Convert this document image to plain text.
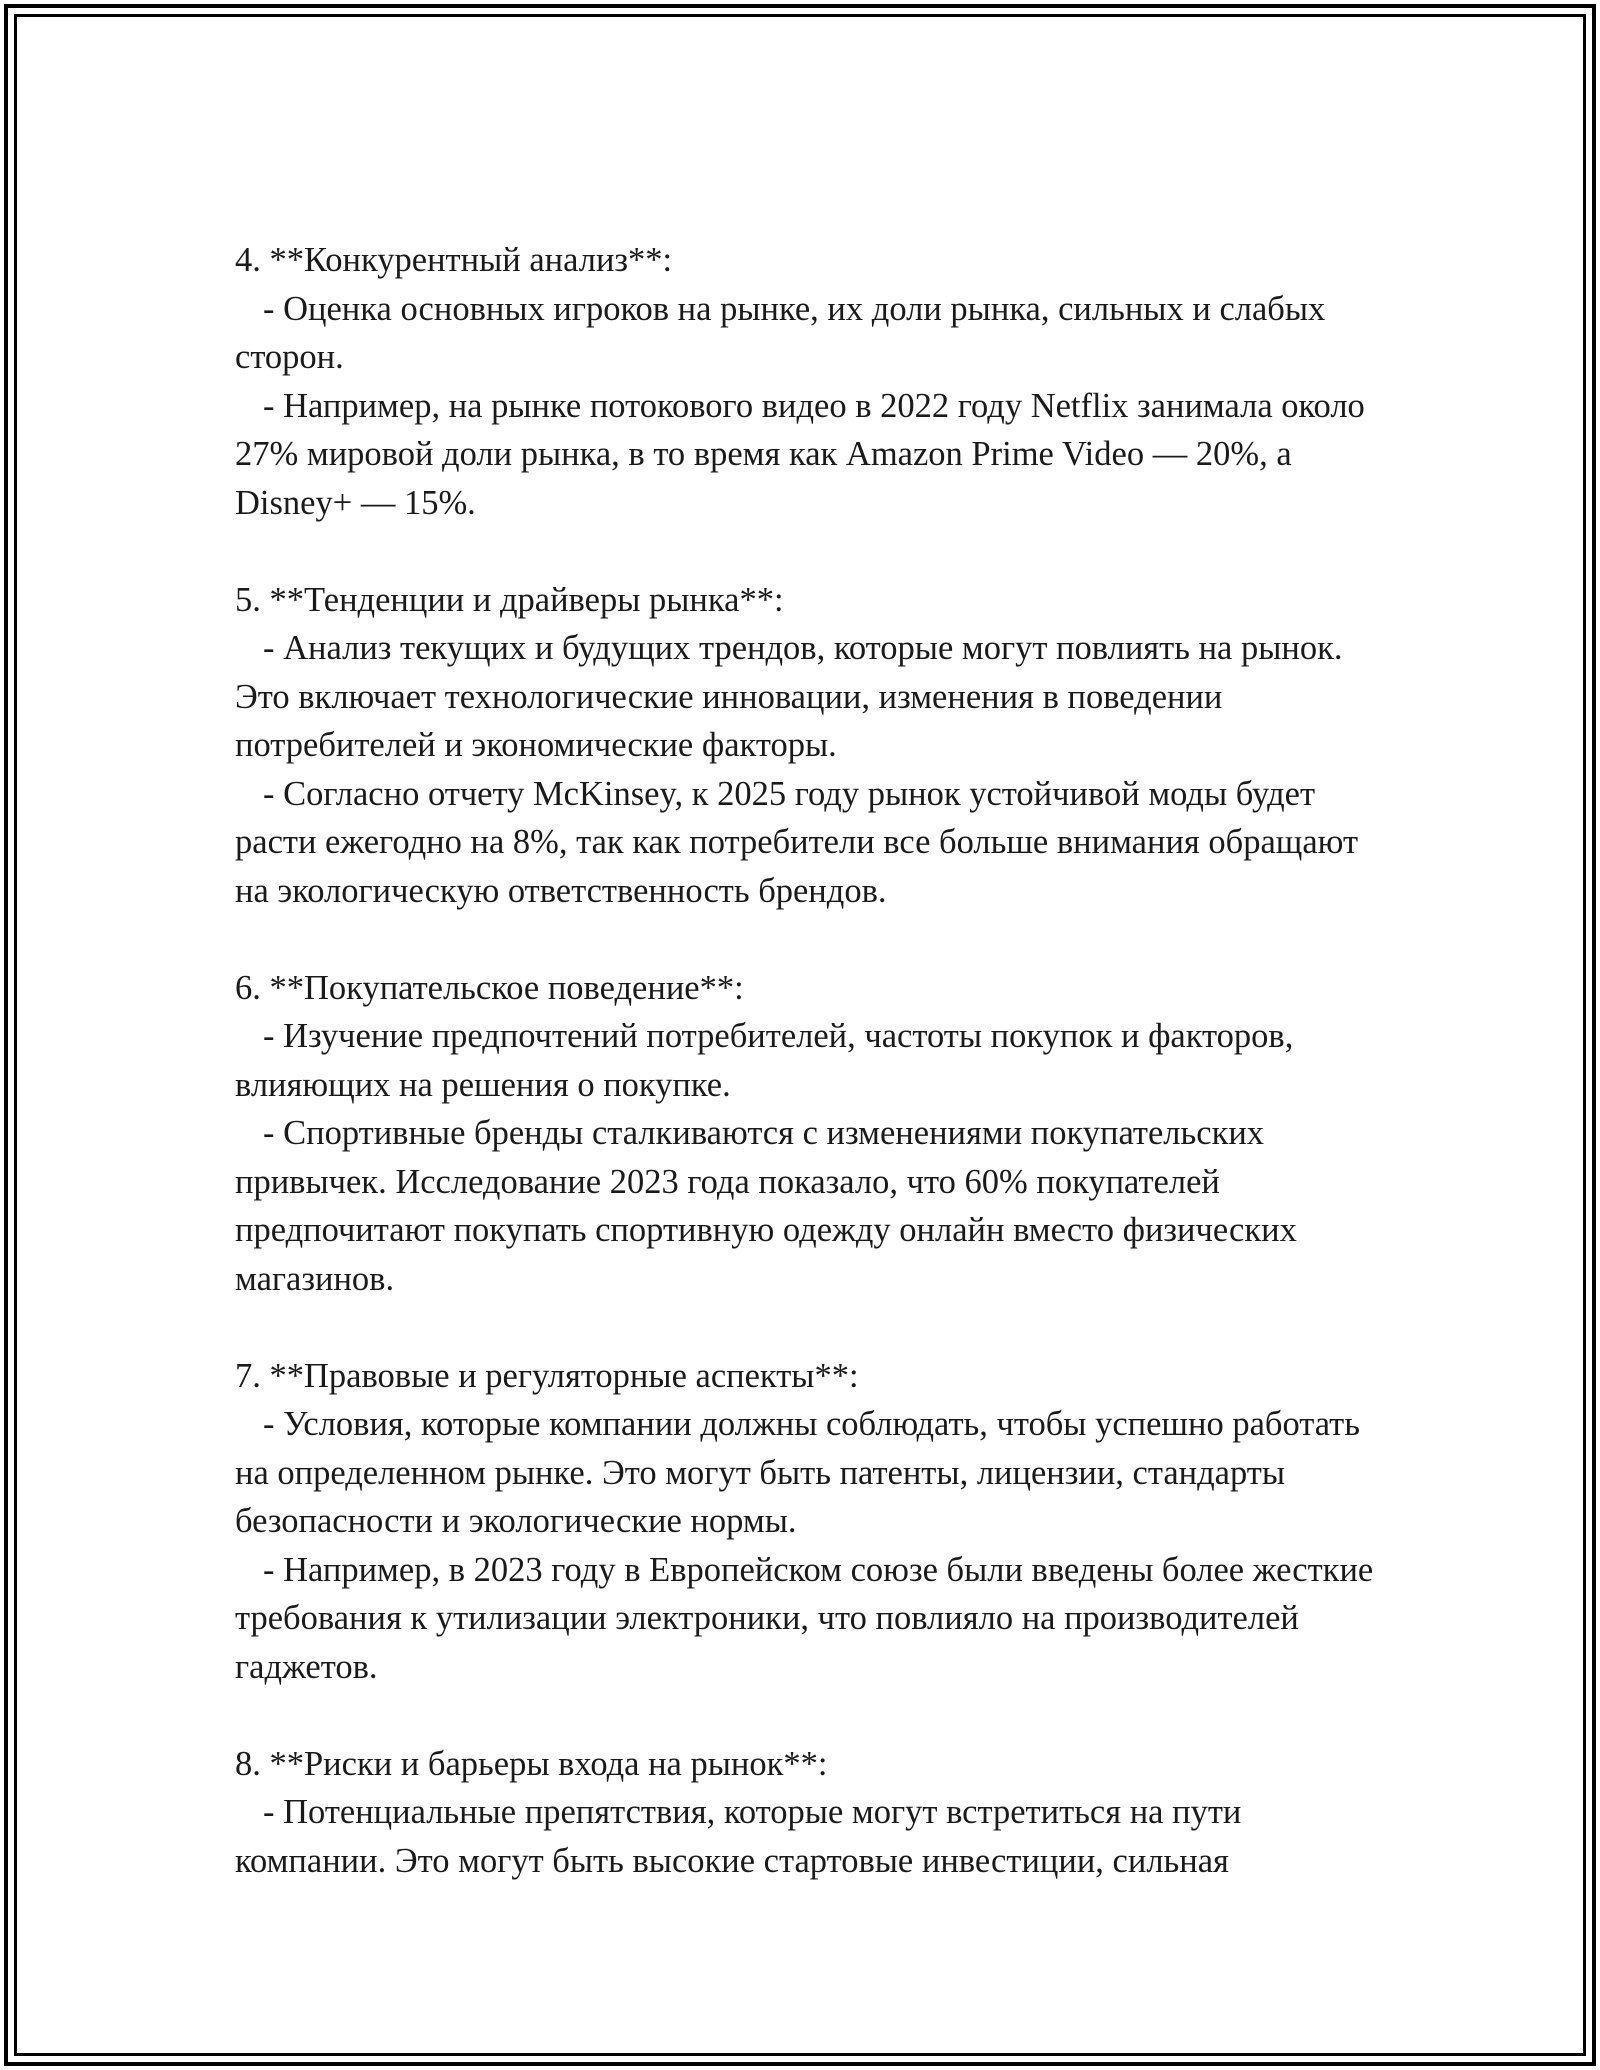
4. **Конкурентный анализ**:

- Оценка основных игроков на рынке, их доли рынка, сильных и слабых сторон.

- Например, на рынке потокового видео в 2022 году Netflix занимала около 27% мировой доли рынка, в то время как Amazon Prime Video — 20%, а Disney+ — 15%.

5. **Тенденции и драйверы рынка**:

- Анализ текущих и будущих трендов, которые могут повлиять на рынок. Это включает технологические инновации, изменения в поведении потребителей и экономические факторы.

- Согласно отчету McKinsey, к 2025 году рынок устойчивой моды будет расти ежегодно на 8%, так как потребители все больше внимания обращают на экологическую ответственность брендов.

6. **Покупательское поведение**:

- Изучение предпочтений потребителей, частоты покупок и факторов, влияющих на решения о покупке.

- Спортивные бренды сталкиваются с изменениями покупательских привычек. Исследование 2023 года показало, что 60% покупателей предпочитают покупать спортивную одежду онлайн вместо физических магазинов.

7. **Правовые и регуляторные аспекты**:

- Условия, которые компании должны соблюдать, чтобы успешно работать на определенном рынке. Это могут быть патенты, лицензии, стандарты безопасности и экологические нормы.

- Например, в 2023 году в Европейском союзе были введены более жесткие требования к утилизации электроники, что повлияло на производителей гаджетов.

8. **Риски и барьеры входа на рынок**:

- Потенциальные препятствия, которые могут встретиться на пути компании. Это могут быть высокие стартовые инвестиции, сильная
